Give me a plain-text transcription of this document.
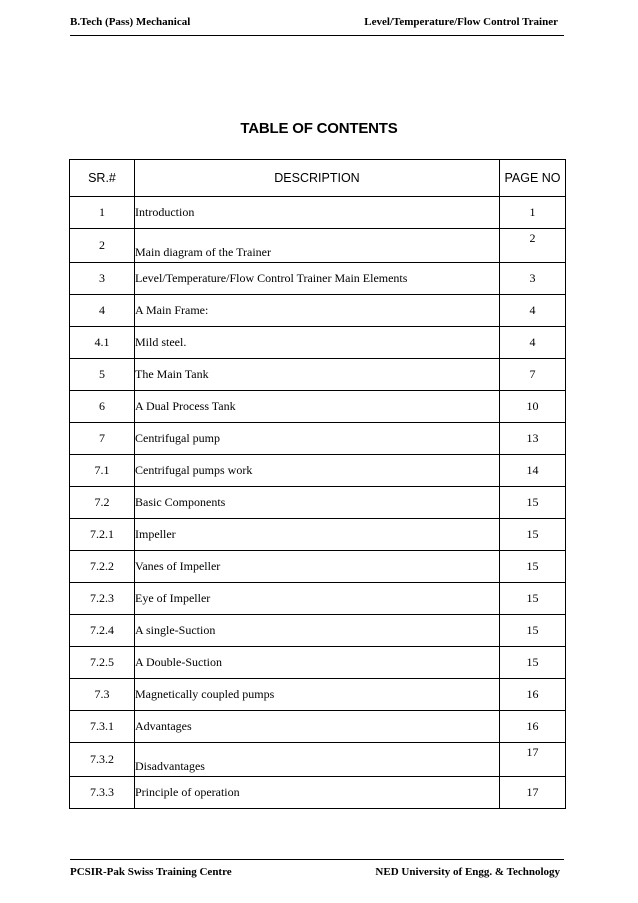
B.Tech (Pass) Mechanical	Level/Temperature/Flow Control Trainer
TABLE OF CONTENTS
SR.#	DESCRIPTION	PAGE NO
1	Introduction	1
2	Main diagram of the Trainer	2
3	Level/Temperature/Flow Control Trainer Main Elements	3
4	A Main Frame:	4
4.1	Mild steel.	4
5	The Main Tank	7
6	A Dual Process Tank	10
7	Centrifugal pump	13
7.1	Centrifugal pumps work	14
7.2	Basic Components	15
7.2.1	Impeller	15
7.2.2	Vanes of Impeller	15
7.2.3	Eye of Impeller	15
7.2.4	A single-Suction	15
7.2.5	A Double-Suction	15
7.3	Magnetically coupled pumps	16
7.3.1	Advantages	16
7.3.2	Disadvantages	17
7.3.3	Principle of operation	17
PCSIR-Pak Swiss Training Centre	NED University of Engg. & Technology
